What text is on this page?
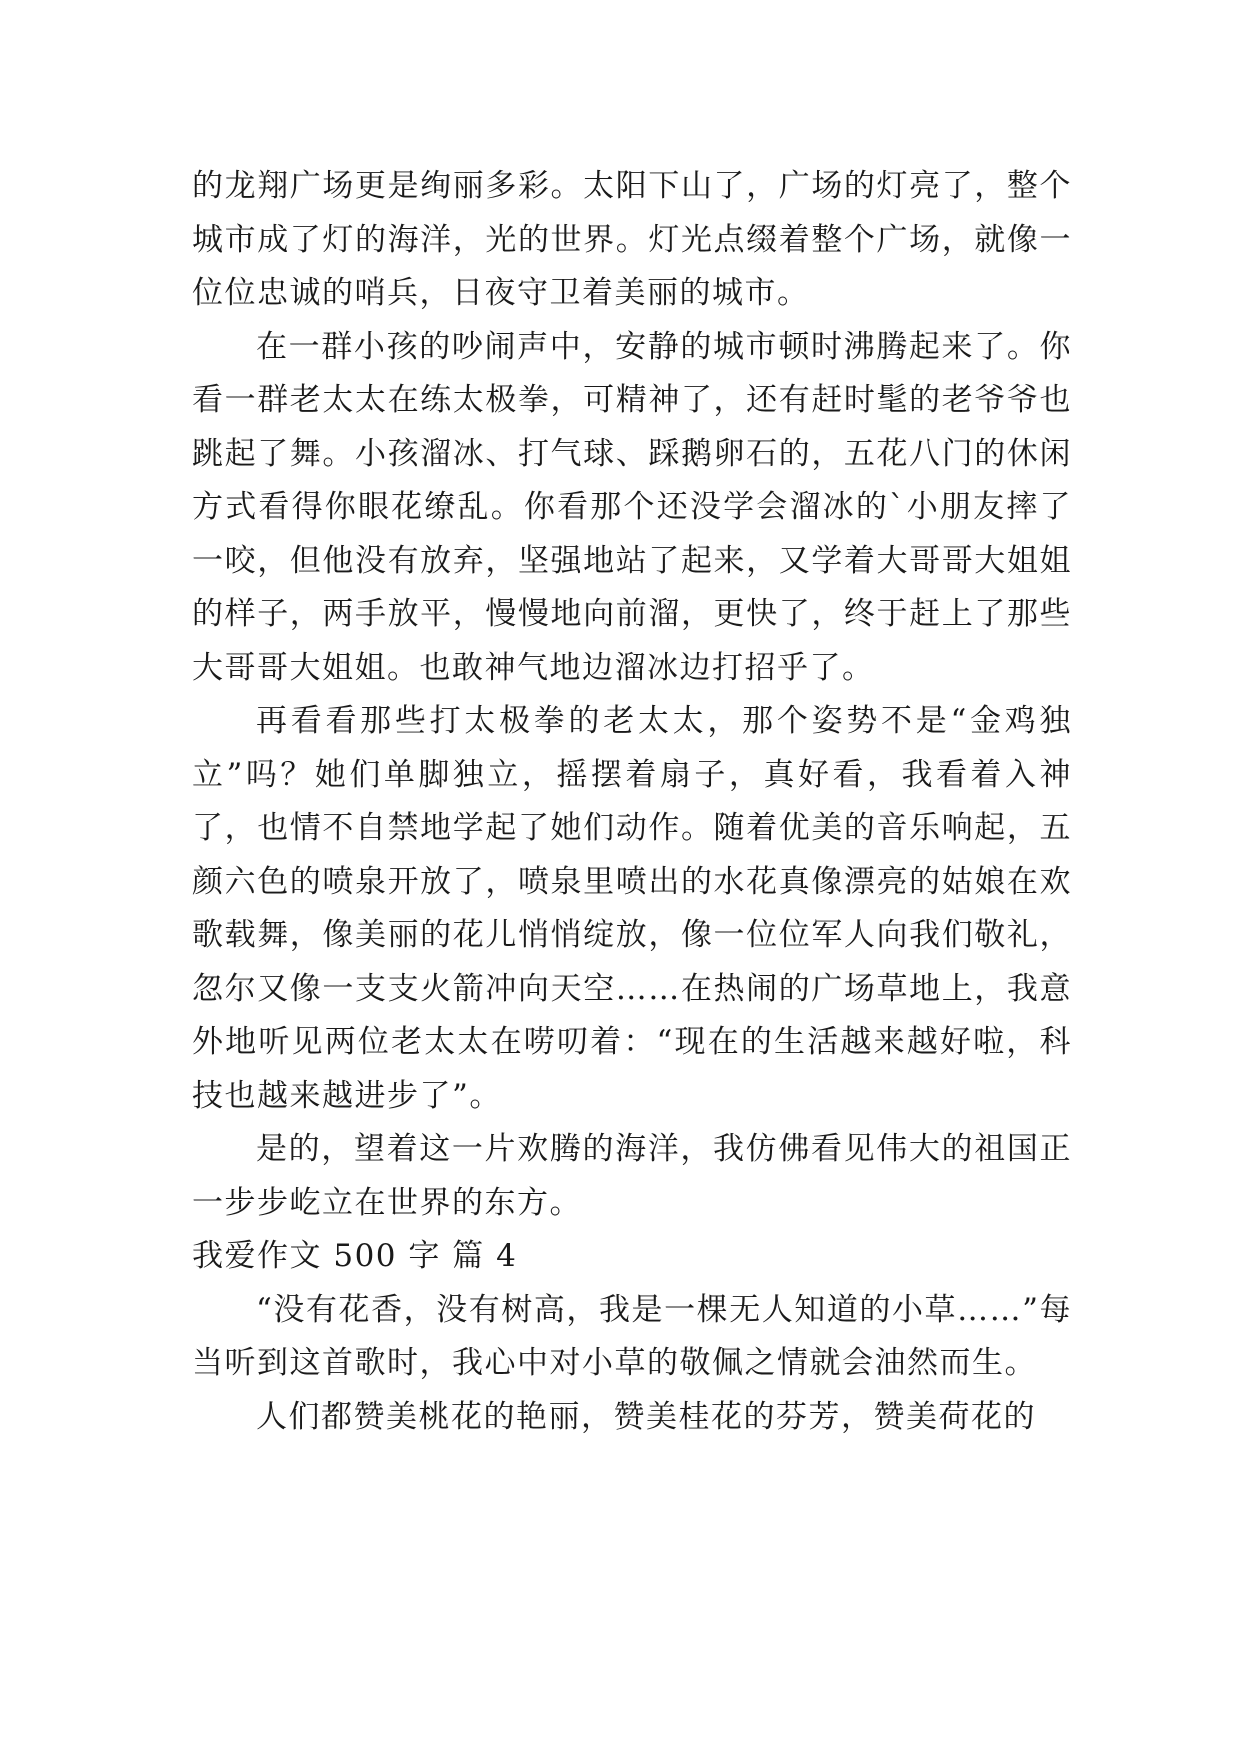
的龙翔广场更是绚丽多彩。太阳下山了，广场的灯亮了，整个城市成了灯的海洋，光的世界。灯光点缀着整个广场，就像一位位忠诚的哨兵，日夜守卫着美丽的城市。

在一群小孩的吵闹声中，安静的城市顿时沸腾起来了。你看一群老太太在练太极拳，可精神了，还有赶时髦的老爷爷也跳起了舞。小孩溜冰、打气球、踩鹅卵石的，五花八门的休闲方式看得你眼花缭乱。你看那个还没学会溜冰的`小朋友摔了一咬，但他没有放弃，坚强地站了起来，又学着大哥哥大姐姐的样子，两手放平，慢慢地向前溜，更快了，终于赶上了那些大哥哥大姐姐。也敢神气地边溜冰边打招乎了。

再看看那些打太极拳的老太太，那个姿势不是“金鸡独立”吗？她们单脚独立，摇摆着扇子，真好看，我看着入神了，也情不自禁地学起了她们动作。随着优美的音乐响起，五颜六色的喷泉开放了，喷泉里喷出的水花真像漂亮的姑娘在欢歌载舞，像美丽的花儿悄悄绽放，像一位位军人向我们敬礼，忽尔又像一支支火箭冲向天空……在热闹的广场草地上，我意外地听见两位老太太在唠叨着：“现在的生活越来越好啦，科技也越来越进步了”。

是的，望着这一片欢腾的海洋，我仿佛看见伟大的祖国正一步步屹立在世界的东方。

我爱作文 500 字 篇 4

“没有花香，没有树高，我是一棵无人知道的小草……”每当听到这首歌时，我心中对小草的敬佩之情就会油然而生。

人们都赞美桃花的艳丽，赞美桂花的芬芳，赞美荷花的
